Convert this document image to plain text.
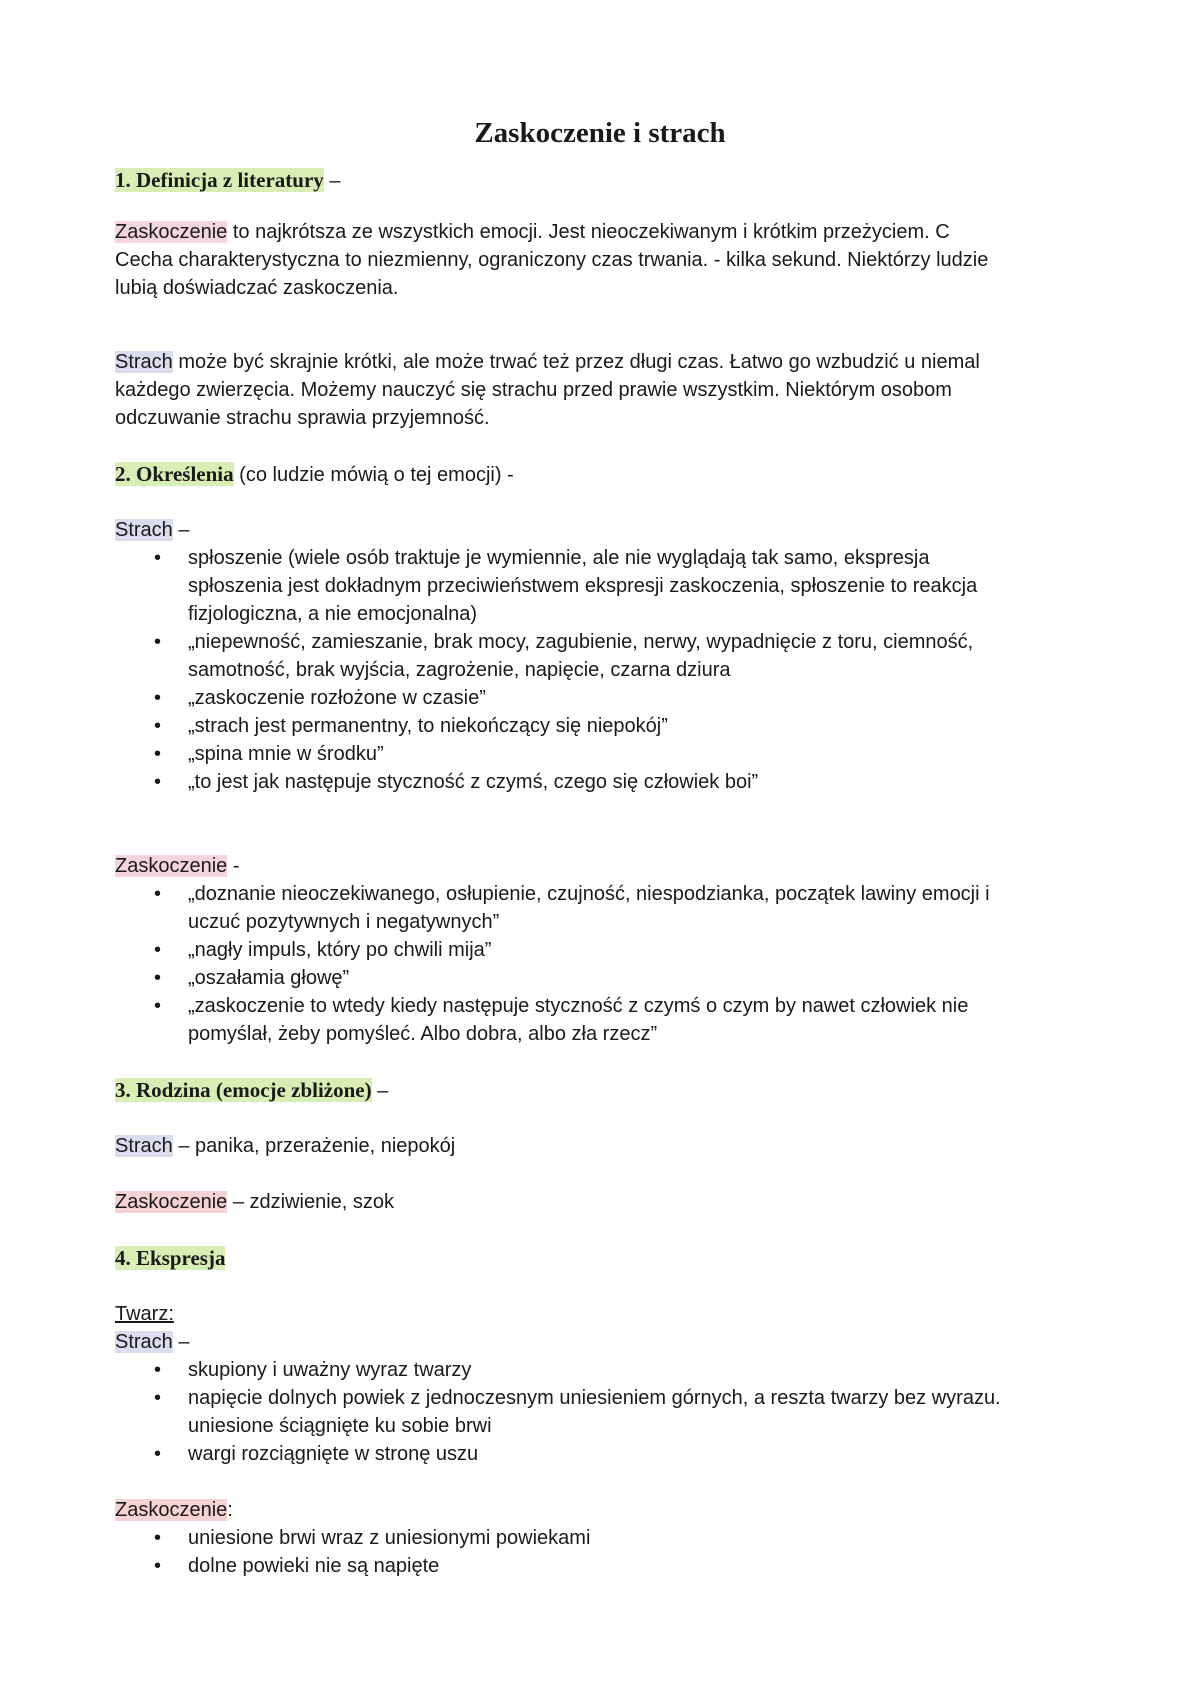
Zaskoczenie i strach
1. Definicja z literatury –
Zaskoczenie to najkrótsza ze wszystkich emocji. Jest nieoczekiwanym i krótkim przeżyciem. C
Cecha charakterystyczna to niezmienny, ograniczony czas trwania. - kilka sekund. Niektórzy ludzie
lubią doświadczać zaskoczenia.
Strach może być skrajnie krótki, ale może trwać też przez długi czas. Łatwo go wzbudzić u niemal
każdego zwierzęcia. Możemy nauczyć się strachu przed prawie wszystkim. Niektórym osobom
odczuwanie strachu sprawia przyjemność.
2. Określenia (co ludzie mówią o tej emocji) -
Strach –
• spłoszenie (wiele osób traktuje je wymiennie, ale nie wyglądają tak samo, ekspresja
spłoszenia jest dokładnym przeciwieństwem ekspresji zaskoczenia, spłoszenie to reakcja
fizjologiczna, a nie emocjonalna)
• „niepewność, zamieszanie, brak mocy, zagubienie, nerwy, wypadnięcie z toru, ciemność,
samotność, brak wyjścia, zagrożenie, napięcie, czarna dziura
• „zaskoczenie rozłożone w czasie”
• „strach jest permanentny, to niekończący się niepokój”
• „spina mnie w środku”
• „to jest jak następuje styczność z czymś, czego się człowiek boi”
Zaskoczenie -
• „doznanie nieoczekiwanego, osłupienie, czujność, niespodzianka, początek lawiny emocji i
uczuć pozytywnych i negatywnych”
• „nagły impuls, który po chwili mija”
• „oszałamia głowę”
• „zaskoczenie to wtedy kiedy następuje styczność z czymś o czym by nawet człowiek nie
pomyślał, żeby pomyśleć. Albo dobra, albo zła rzecz”
3. Rodzina (emocje zbliżone) –
Strach – panika, przerażenie, niepokój
Zaskoczenie – zdziwienie, szok
4. Ekspresja
Twarz:
Strach –
• skupiony i uważny wyraz twarzy
• napięcie dolnych powiek z jednoczesnym uniesieniem górnych, a reszta twarzy bez wyrazu.
uniesione ściągnięte ku sobie brwi
• wargi rozciągnięte w stronę uszu
Zaskoczenie:
• uniesione brwi wraz z uniesionymi powiekami
• dolne powieki nie są napięte
